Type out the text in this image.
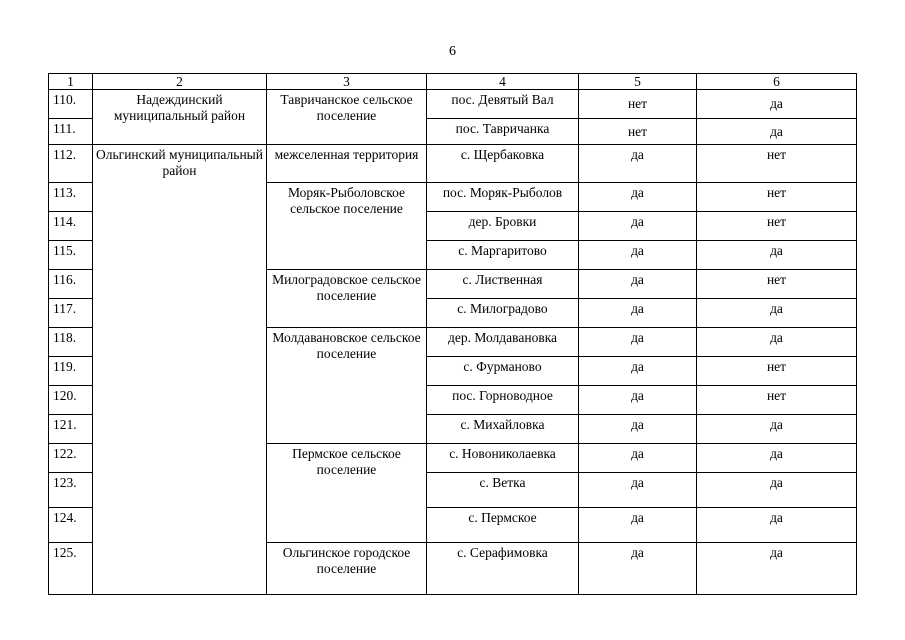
6
1	2	3	4	5	6
110.	Надеждинский муниципальный район	Тавричанское сельское поселение	пос. Девятый Вал	нет	да
111.			пос. Тавричанка	нет	да
112.	Ольгинский муниципальный район	межселенная территория	с. Щербаковка	да	нет
113.		Моряк-Рыболовское сельское поселение	пос. Моряк-Рыболов	да	нет
114.			дер. Бровки	да	нет
115.			с. Маргаритово	да	да
116.		Милоградовское сельское поселение	с. Лиственная	да	нет
117.			с. Милоградово	да	да
118.		Молдавановское сельское поселение	дер. Молдавановка	да	да
119.			с. Фурманово	да	нет
120.			пос. Горноводное	да	нет
121.			с. Михайловка	да	да
122.		Пермское сельское поселение	с. Новониколаевка	да	да
123.			с. Ветка	да	да
124.			с. Пермское	да	да
125.		Ольгинское городское поселение	с. Серафимовка	да	да
